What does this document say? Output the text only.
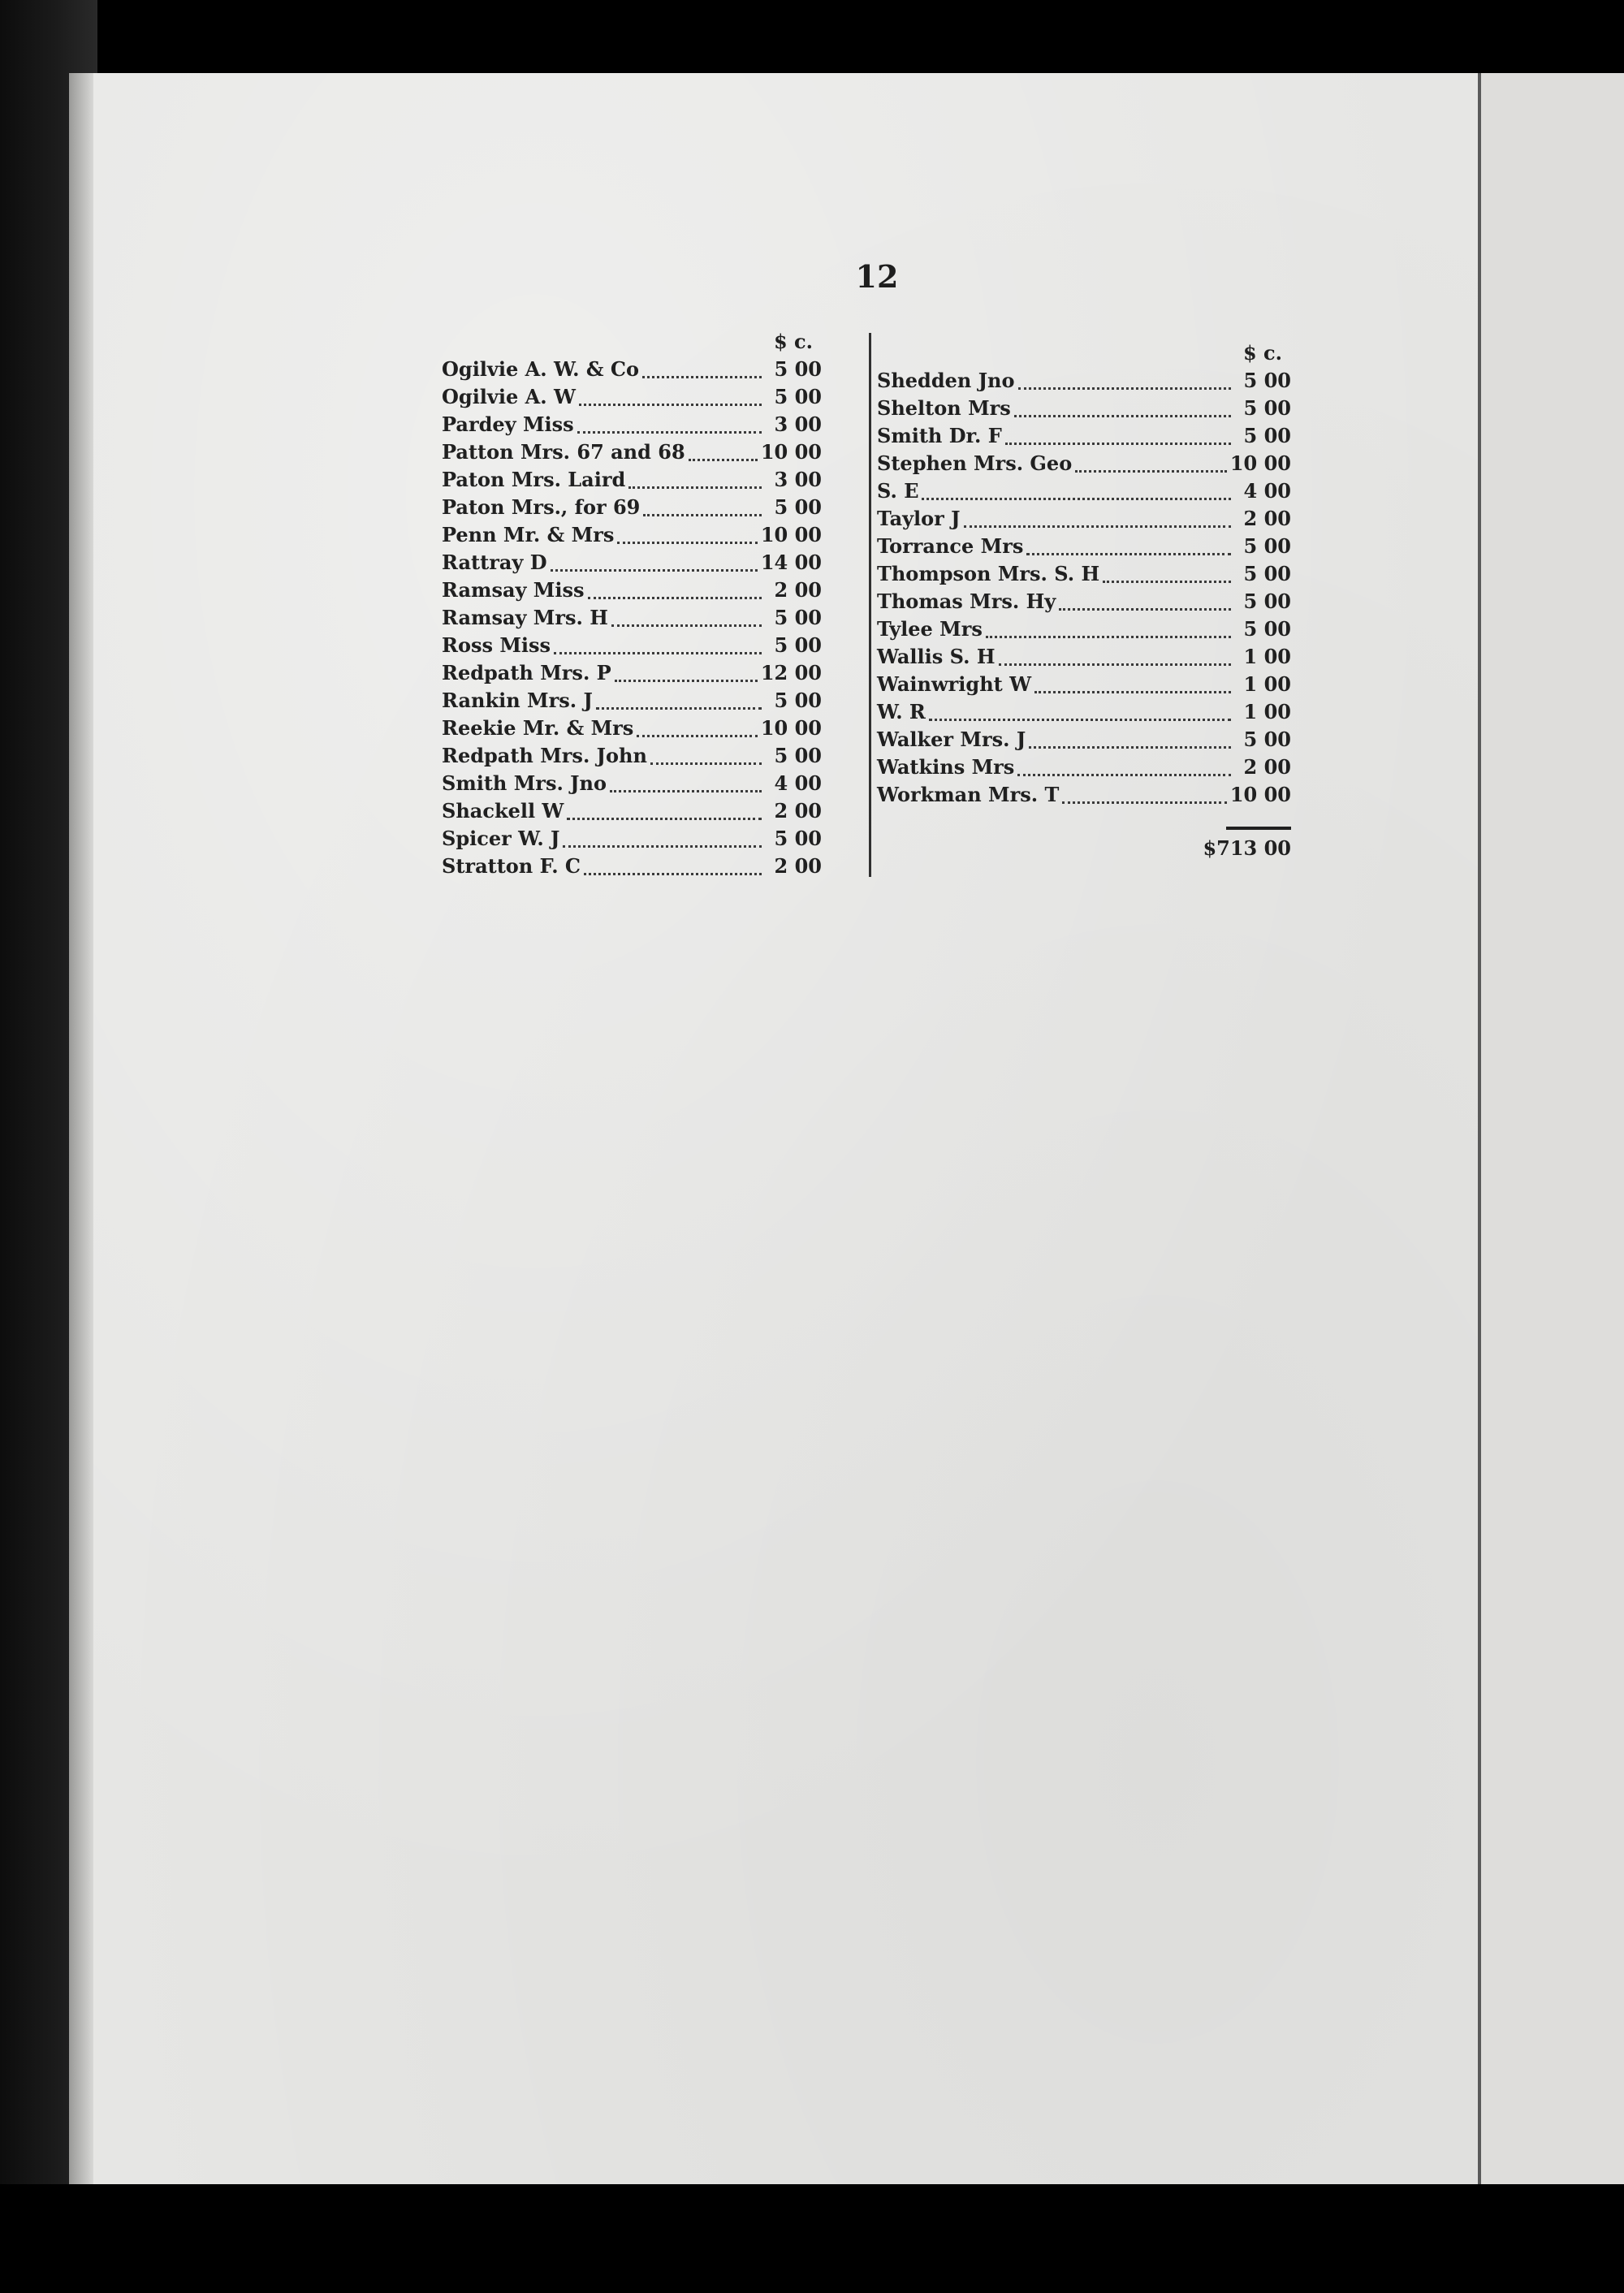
12
$ c.
Ogilvie A. W. & Co	5 00
Ogilvie A. W	5 00
Pardey Miss	3 00
Patton Mrs. 67 and 68	10 00
Paton Mrs. Laird	3 00
Paton Mrs., for 69	5 00
Penn Mr. & Mrs	10 00
Rattray D	14 00
Ramsay Miss	2 00
Ramsay Mrs. H	5 00
Ross Miss	5 00
Redpath Mrs. P	12 00
Rankin Mrs. J	5 00
Reekie Mr. & Mrs	10 00
Redpath Mrs. John	5 00
Smith Mrs. Jno	4 00
Shackell W	2 00
Spicer W. J	5 00
Stratton F. C	2 00
$ c.
Shedden Jno	5 00
Shelton Mrs	5 00
Smith Dr. F	5 00
Stephen Mrs. Geo	10 00
S. E	4 00
Taylor J	2 00
Torrance Mrs	5 00
Thompson Mrs. S. H	5 00
Thomas Mrs. Hy	5 00
Tylee Mrs	5 00
Wallis S. H	1 00
Wainwright W	1 00
W. R	1 00
Walker Mrs. J	5 00
Watkins Mrs	2 00
Workman Mrs. T	10 00
$713 00
